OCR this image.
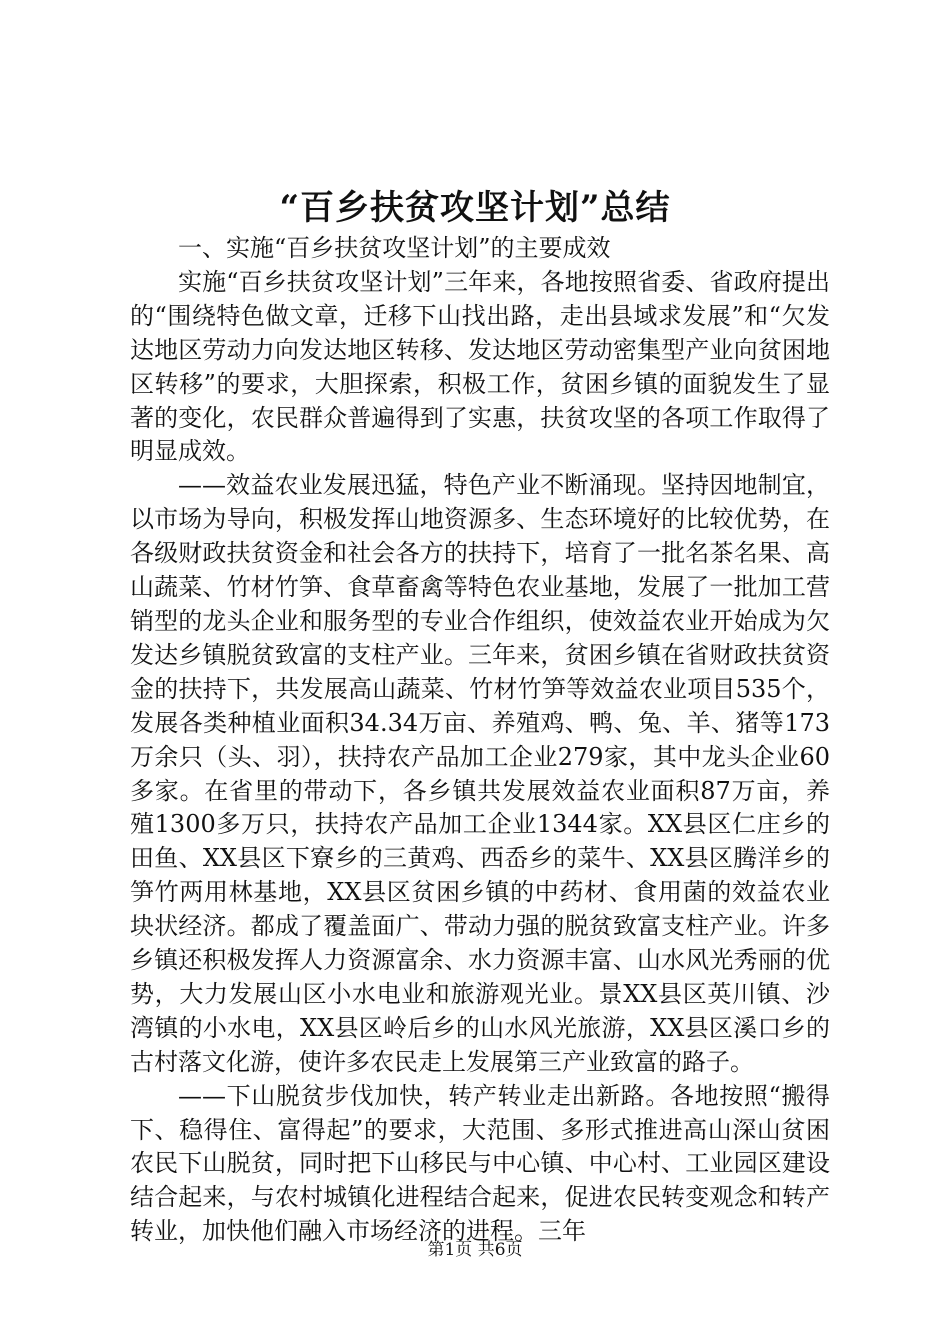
“百乡扶贫攻坚计划”总结

一、实施“百乡扶贫攻坚计划”的主要成效

实施“百乡扶贫攻坚计划”三年来，各地按照省委、省政府提出的“围绕特色做文章，迁移下山找出路，走出县域求发展”和“欠发达地区劳动力向发达地区转移、发达地区劳动密集型产业向贫困地区转移”的要求，大胆探索，积极工作，贫困乡镇的面貌发生了显著的变化，农民群众普遍得到了实惠，扶贫攻坚的各项工作取得了明显成效。

——效益农业发展迅猛，特色产业不断涌现。坚持因地制宜，以市场为导向，积极发挥山地资源多、生态环境好的比较优势，在各级财政扶贫资金和社会各方的扶持下，培育了一批名茶名果、高山蔬菜、竹材竹笋、食草畜禽等特色农业基地，发展了一批加工营销型的龙头企业和服务型的专业合作组织，使效益农业开始成为欠发达乡镇脱贫致富的支柱产业。三年来，贫困乡镇在省财政扶贫资金的扶持下，共发展高山蔬菜、竹材竹笋等效益农业项目535个，发展各类种植业面积34.34万亩、养殖鸡、鸭、兔、羊、猪等173万余只（头、羽），扶持农产品加工企业279家，其中龙头企业60多家。在省里的带动下，各乡镇共发展效益农业面积87万亩，养殖1300多万只，扶持农产品加工企业1344家。XX县区仁庄乡的田鱼、XX县区下寮乡的三黄鸡、西岙乡的菜牛、XX县区腾洋乡的笋竹两用林基地，XX县区贫困乡镇的中药材、食用菌的效益农业块状经济。都成了覆盖面广、带动力强的脱贫致富支柱产业。许多乡镇还积极发挥人力资源富余、水力资源丰富、山水风光秀丽的优势，大力发展山区小水电业和旅游观光业。景XX县区英川镇、沙湾镇的小水电，XX县区岭后乡的山水风光旅游，XX县区溪口乡的古村落文化游，使许多农民走上发展第三产业致富的路子。

——下山脱贫步伐加快，转产转业走出新路。各地按照“搬得下、稳得住、富得起”的要求，大范围、多形式推进高山深山贫困农民下山脱贫，同时把下山移民与中心镇、中心村、工业园区建设结合起来，与农村城镇化进程结合起来，促进农民转变观念和转产转业，加快他们融入市场经济的进程。三年

第1页 共6页
